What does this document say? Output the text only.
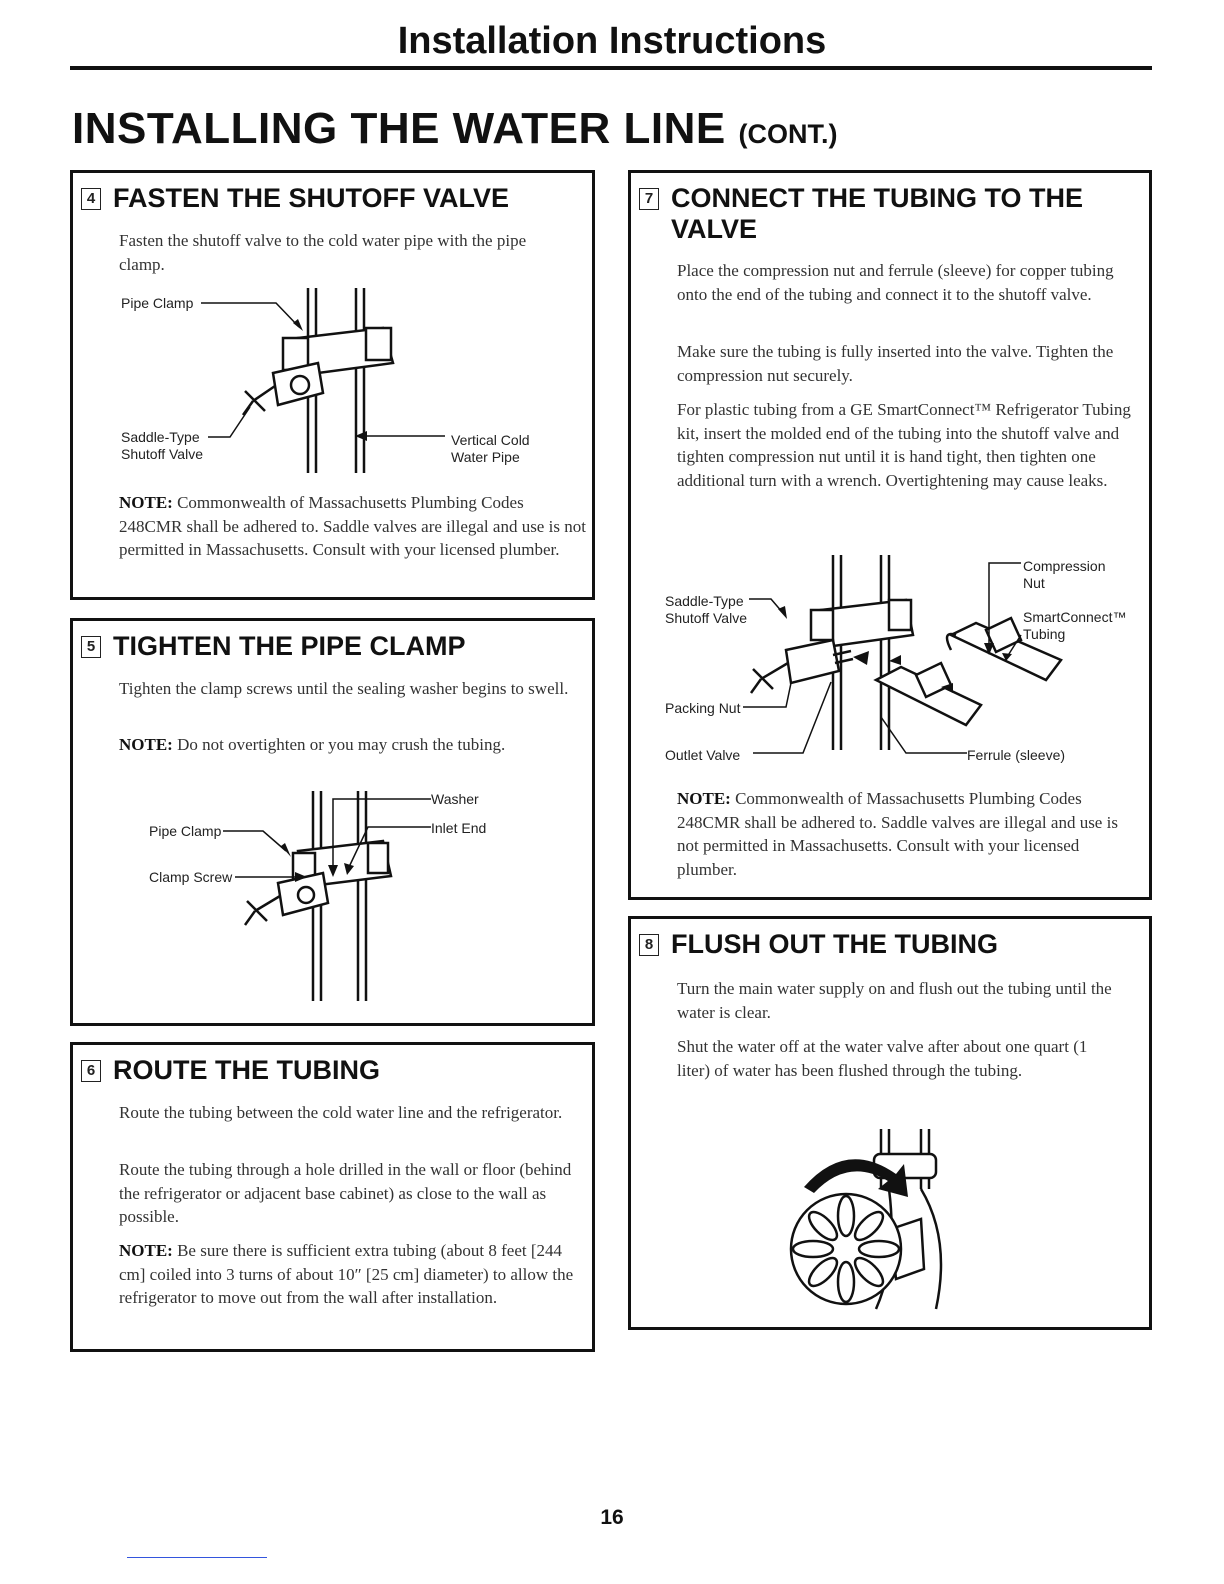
Installation Instructions
INSTALLING THE WATER LINE (CONT.)
4 FASTEN THE SHUTOFF VALVE
Fasten the shutoff valve to the cold water pipe with the pipe clamp.
Pipe Clamp
Saddle-Type
Shutoff Valve
Vertical Cold
Water Pipe
NOTE: Commonwealth of Massachusetts Plumbing Codes 248CMR shall be adhered to. Saddle valves are illegal and use is not permitted in Massachusetts. Consult with your licensed plumber.
5 TIGHTEN THE PIPE CLAMP
Tighten the clamp screws until the sealing washer begins to swell.
NOTE: Do not overtighten or you may crush the tubing.
Washer
Inlet End
Pipe Clamp
Clamp Screw
6 ROUTE THE TUBING
Route the tubing between the cold water line and the refrigerator.
Route the tubing through a hole drilled in the wall or floor (behind the refrigerator or adjacent base cabinet) as close to the wall as possible.
NOTE: Be sure there is sufficient extra tubing (about 8 feet [244 cm] coiled into 3 turns of about 10″ [25 cm] diameter) to allow the refrigerator to move out from the wall after installation.
7 CONNECT THE TUBING TO THE
VALVE
Place the compression nut and ferrule (sleeve) for copper tubing onto the end of the tubing and connect it to the shutoff valve.
Make sure the tubing is fully inserted into the valve. Tighten the compression nut securely.
For plastic tubing from a GE SmartConnect™ Refrigerator Tubing kit, insert the molded end of the tubing into the shutoff valve and tighten compression nut until it is hand tight, then tighten one additional turn with a wrench. Overtightening may cause leaks.
Compression
Nut
Saddle-Type
Shutoff Valve	SmartConnect™
Tubing
Packing Nut
Outlet Valve	Ferrule (sleeve)
NOTE: Commonwealth of Massachusetts Plumbing Codes 248CMR shall be adhered to. Saddle valves are illegal and use is not permitted in Massachusetts. Consult with your licensed plumber.
8 FLUSH OUT THE TUBING
Turn the main water supply on and flush out the tubing until the water is clear.
Shut the water off at the water valve after about one quart (1 liter) of water has been flushed through the tubing.
16
